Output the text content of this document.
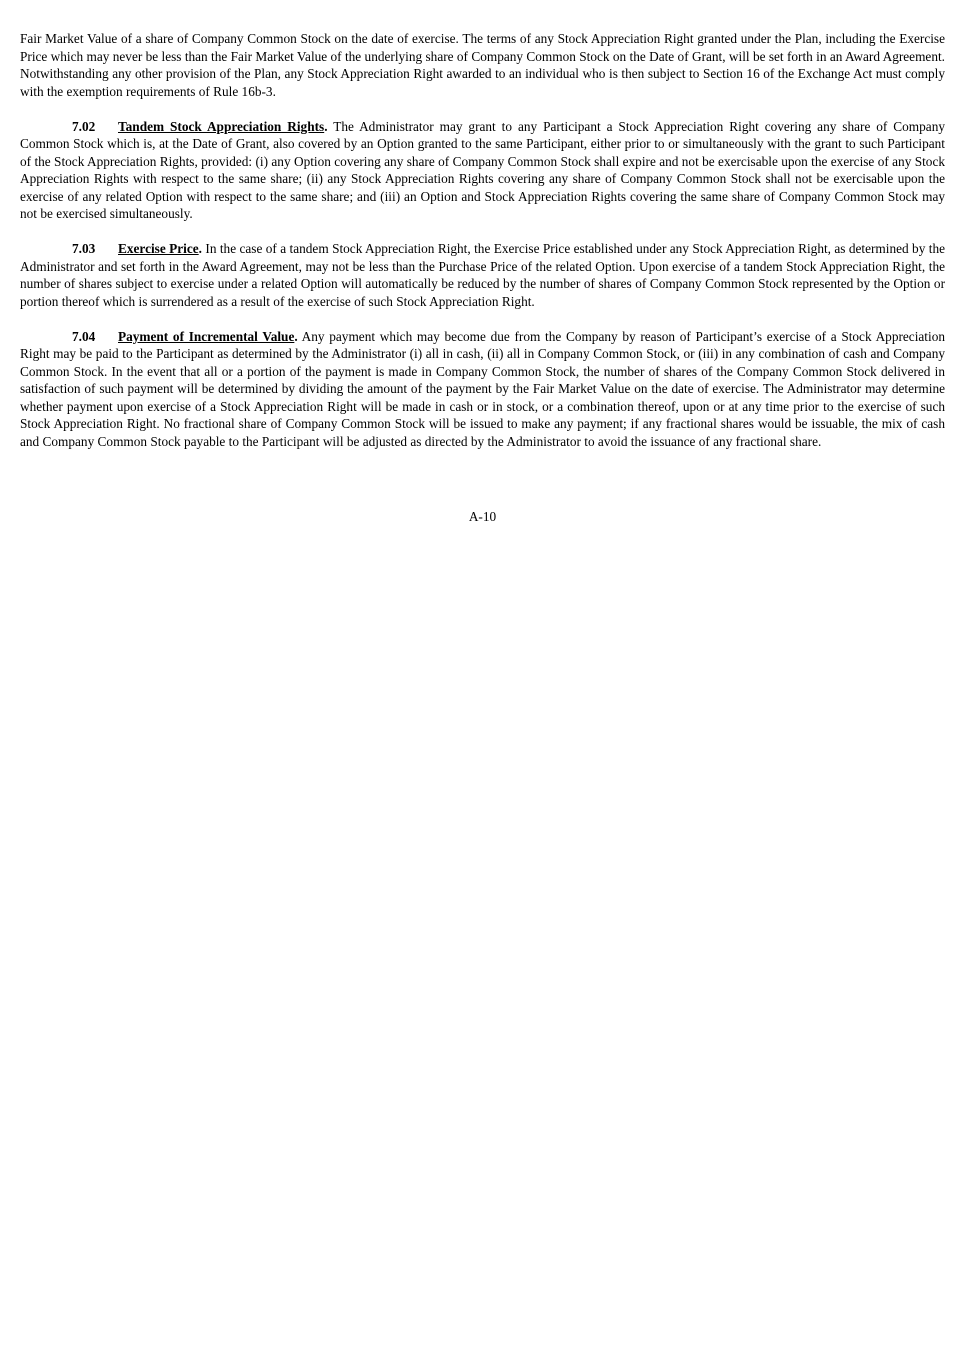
Fair Market Value of a share of Company Common Stock on the date of exercise. The terms of any Stock Appreciation Right granted under the Plan, including the Exercise Price which may never be less than the Fair Market Value of the underlying share of Company Common Stock on the Date of Grant, will be set forth in an Award Agreement. Notwithstanding any other provision of the Plan, any Stock Appreciation Right awarded to an individual who is then subject to Section 16 of the Exchange Act must comply with the exemption requirements of Rule 16b-3.

7.02 Tandem Stock Appreciation Rights. The Administrator may grant to any Participant a Stock Appreciation Right covering any share of Company Common Stock which is, at the Date of Grant, also covered by an Option granted to the same Participant, either prior to or simultaneously with the grant to such Participant of the Stock Appreciation Rights, provided: (i) any Option covering any share of Company Common Stock shall expire and not be exercisable upon the exercise of any Stock Appreciation Rights with respect to the same share; (ii) any Stock Appreciation Rights covering any share of Company Common Stock shall not be exercisable upon the exercise of any related Option with respect to the same share; and (iii) an Option and Stock Appreciation Rights covering the same share of Company Common Stock may not be exercised simultaneously.

7.03 Exercise Price. In the case of a tandem Stock Appreciation Right, the Exercise Price established under any Stock Appreciation Right, as determined by the Administrator and set forth in the Award Agreement, may not be less than the Purchase Price of the related Option. Upon exercise of a tandem Stock Appreciation Right, the number of shares subject to exercise under a related Option will automatically be reduced by the number of shares of Company Common Stock represented by the Option or portion thereof which is surrendered as a result of the exercise of such Stock Appreciation Right.

7.04 Payment of Incremental Value. Any payment which may become due from the Company by reason of Participant’s exercise of a Stock Appreciation Right may be paid to the Participant as determined by the Administrator (i) all in cash, (ii) all in Company Common Stock, or (iii) in any combination of cash and Company Common Stock. In the event that all or a portion of the payment is made in Company Common Stock, the number of shares of the Company Common Stock delivered in satisfaction of such payment will be determined by dividing the amount of the payment by the Fair Market Value on the date of exercise. The Administrator may determine whether payment upon exercise of a Stock Appreciation Right will be made in cash or in stock, or a combination thereof, upon or at any time prior to the exercise of such Stock Appreciation Right. No fractional share of Company Common Stock will be issued to make any payment; if any fractional shares would be issuable, the mix of cash and Company Common Stock payable to the Participant will be adjusted as directed by the Administrator to avoid the issuance of any fractional share.

A-10
